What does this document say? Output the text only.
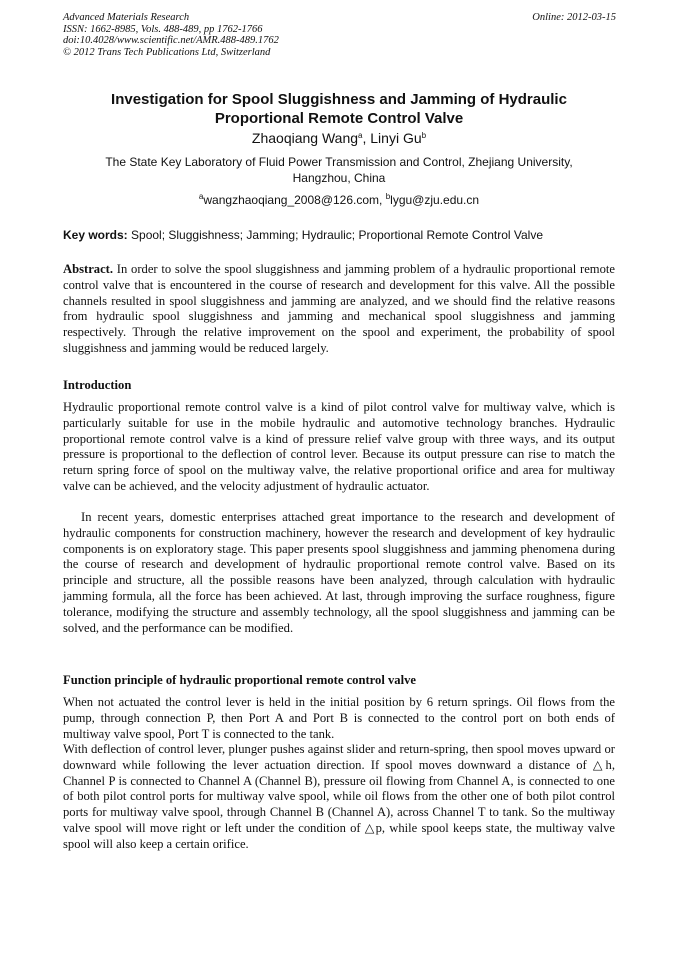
Advanced Materials Research
ISSN: 1662-8985, Vols. 488-489, pp 1762-1766
doi:10.4028/www.scientific.net/AMR.488-489.1762
© 2012 Trans Tech Publications Ltd, Switzerland
Online: 2012-03-15
Investigation for Spool Sluggishness and Jamming of Hydraulic
Proportional Remote Control Valve
Zhaoqiang Wang$^a$, Linyi Gu$^b$
The State Key Laboratory of Fluid Power Transmission and Control, Zhejiang University,
Hangzhou, China
$^a$wangzhaoqiang_2008@126.com, $^b$lygu@zju.edu.cn
Key words: Spool; Sluggishness; Jamming; Hydraulic; Proportional Remote Control Valve

Abstract. In order to solve the spool sluggishness and jamming problem of a hydraulic proportional remote control valve that is encountered in the course of research and development for this valve. All the possible channels resulted in spool sluggishness and jamming are analyzed, and we should find the relative reasons from hydraulic spool sluggishness and jamming and mechanical spool sluggishness and jamming respectively. Through the relative improvement on the spool and experiment, the probability of spool sluggishness and jamming would be reduced largely.

Introduction

Hydraulic proportional remote control valve is a kind of pilot control valve for multiway valve, which is particularly suitable for use in the mobile hydraulic and automotive technology branches. Hydraulic proportional remote control valve is a kind of pressure relief valve group with three ways, and its output pressure is proportional to the deflection of control lever. Because its output pressure can rise to match the return spring force of spool on the multiway valve, the relative proportional orifice and area for multiway valve can be achieved, and the velocity adjustment of hydraulic actuator.

In recent years, domestic enterprises attached great importance to the research and development of hydraulic components for construction machinery, however the research and development of key hydraulic components is on exploratory stage. This paper presents spool sluggishness and jamming phenomena during the course of research and development of hydraulic proportional remote control valve. Based on its principle and structure, all the possible reasons have been analyzed, through calculation with hydraulic jamming formula, all the force has been achieved. At last, through improving the surface roughness, figure tolerance, modifying the structure and assembly technology, all the spool sluggishness and jamming can be solved, and the performance can be modified.

Function principle of hydraulic proportional remote control valve

When not actuated the control lever is held in the initial position by 6 return springs. Oil flows from the pump, through connection P, then Port A and Port B is connected to the control port on both ends of multiway valve spool, Port T is connected to the tank.

With deflection of control lever, plunger pushes against slider and return-spring, then spool moves upward or downward while following the lever actuation direction. If spool moves downward a distance of △h, Channel P is connected to Channel A (Channel B), pressure oil flowing from Channel A, is connected to one of both pilot control ports for multiway valve spool, while oil flows from the other one of both pilot control ports for multiway valve spool, through Channel B (Channel A), across Channel T to tank. So the multiway valve spool will move right or left under the condition of △p, while spool keeps state, the multiway valve spool will also keep a certain orifice.
